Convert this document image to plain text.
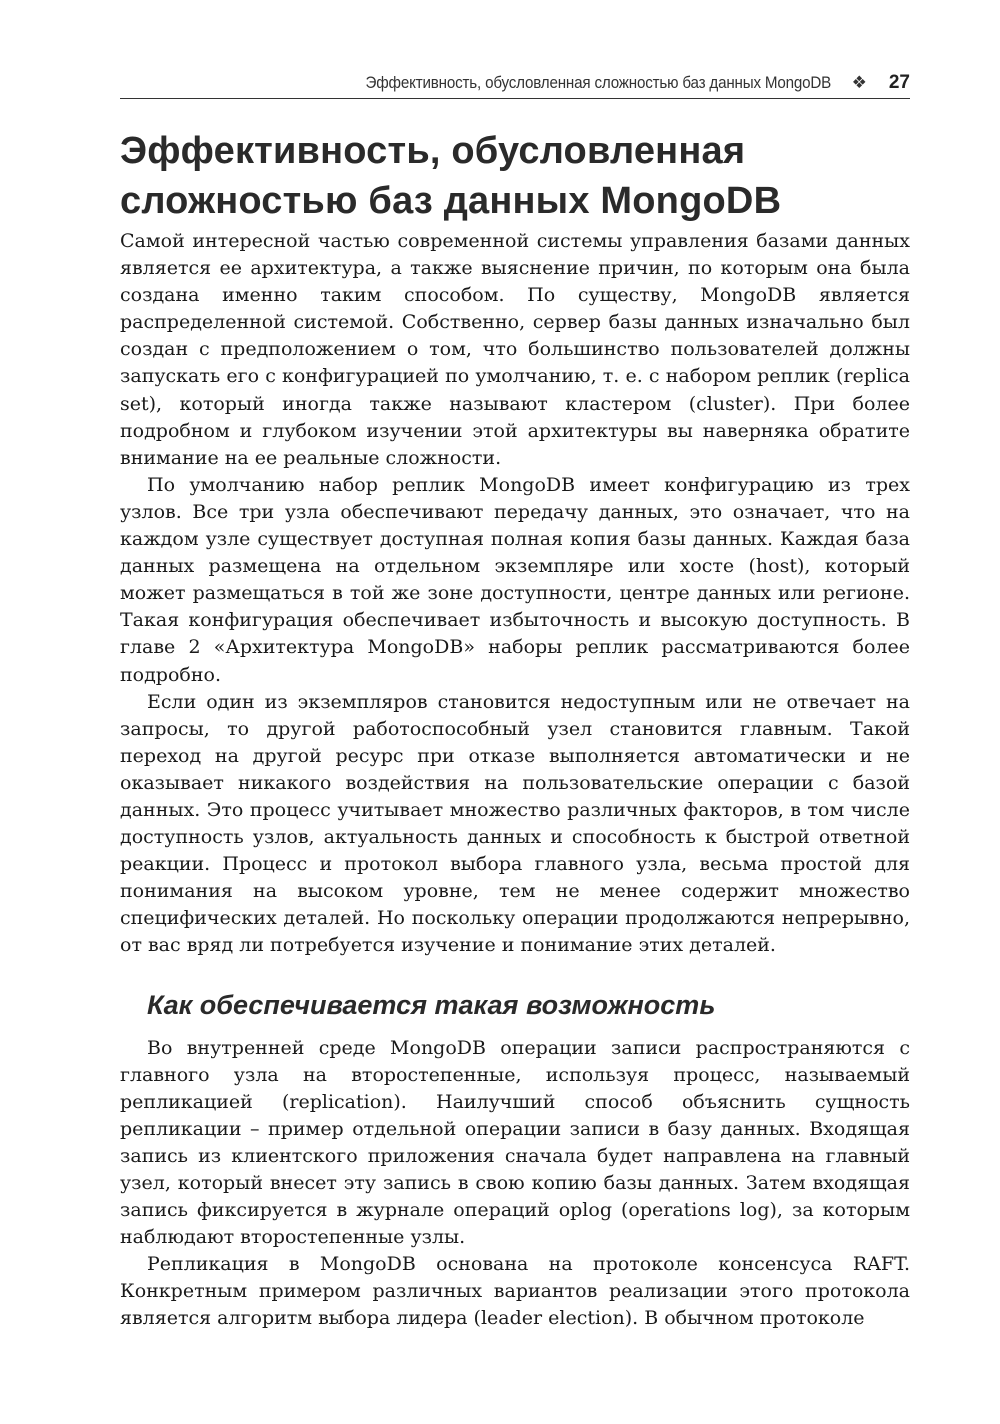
Эффективность, обусловленная сложностью баз данных MongoDB ❖ 27
Эффективность, обусловленная сложностью баз данных MongoDB

Самой интересной частью современной системы управления базами данных является ее архитектура, а также выяснение причин, по которым она была создана именно таким способом. По существу, MongoDB является распределенной системой. Собственно, сервер базы данных изначально был создан с предположением о том, что большинство пользователей должны запускать его с конфигурацией по умолчанию, т. е. с набором реплик (replica set), который иногда также называют кластером (cluster). При более подробном и глубоком изучении этой архитектуры вы наверняка обратите внимание на ее реальные сложности.

По умолчанию набор реплик MongoDB имеет конфигурацию из трех узлов. Все три узла обеспечивают передачу данных, это означает, что на каждом узле существует доступная полная копия базы данных. Каждая база данных размещена на отдельном экземпляре или хосте (host), который может размещаться в той же зоне доступности, центре данных или регионе. Такая конфигурация обеспечивает избыточность и высокую доступность. В главе 2 «Архитектура MongoDB» наборы реплик рассматриваются более подробно.

Если один из экземпляров становится недоступным или не отвечает на запросы, то другой работоспособный узел становится главным. Такой переход на другой ресурс при отказе выполняется автоматически и не оказывает никакого воздействия на пользовательские операции с базой данных. Это процесс учитывает множество различных факторов, в том числе доступность узлов, актуальность данных и способность к быстрой ответной реакции. Процесс и протокол выбора главного узла, весьма простой для понимания на высоком уровне, тем не менее содержит множество специфических деталей. Но поскольку операции продолжаются непрерывно, от вас вряд ли потребуется изучение и понимание этих деталей.

Как обеспечивается такая возможность

Во внутренней среде MongoDB операции записи распространяются с главного узла на второстепенные, используя процесс, называемый репликацией (replication). Наилучший способ объяснить сущность репликации – пример отдельной операции записи в базу данных. Входящая запись из клиентского приложения сначала будет направлена на главный узел, который внесет эту запись в свою копию базы данных. Затем входящая запись фиксируется в журнале операций oplog (operations log), за которым наблюдают второстепенные узлы.

Репликация в MongoDB основана на протоколе консенсуса RAFT. Конкретным примером различных вариантов реализации этого протокола является алгоритм выбора лидера (leader election). В обычном протоколе
